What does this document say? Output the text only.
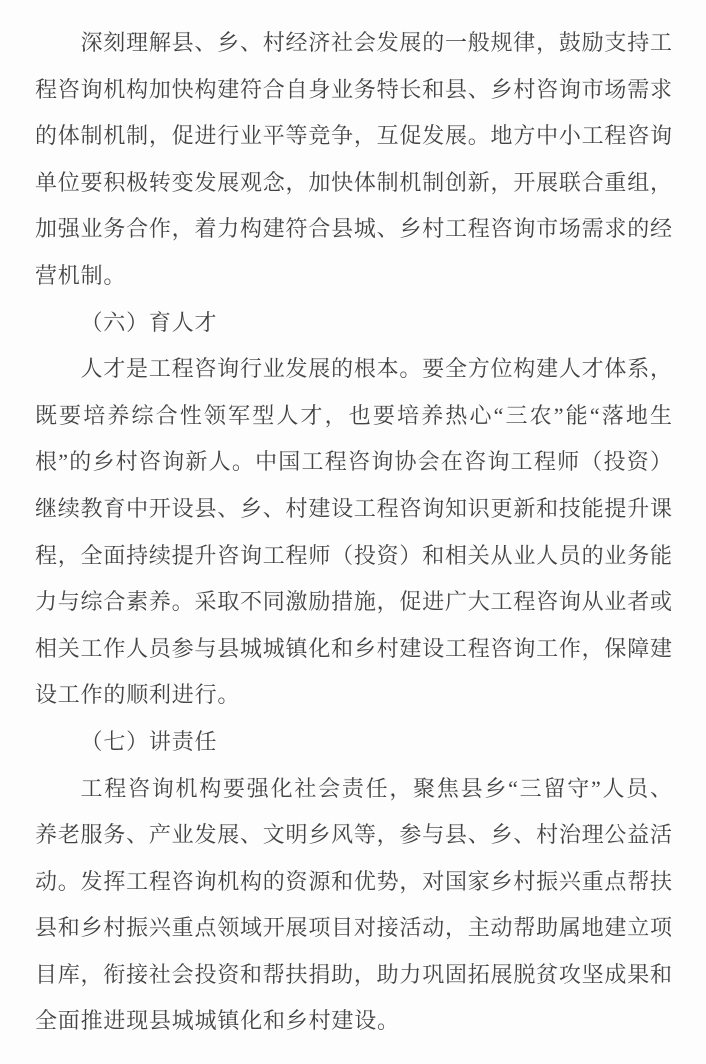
深刻理解县、乡、村经济社会发展的一般规律，鼓励支持工
程咨询机构加快构建符合自身业务特长和县、乡村咨询市场需求
的体制机制，促进行业平等竞争，互促发展。地方中小工程咨询
单位要积极转变发展观念，加快体制机制创新，开展联合重组，
加强业务合作，着力构建符合县城、乡村工程咨询市场需求的经
营机制。
（六）育人才
人才是工程咨询行业发展的根本。要全方位构建人才体系，
既要培养综合性领军型人才，也要培养热心“三农”能“落地生
根”的乡村咨询新人。中国工程咨询协会在咨询工程师（投资）
继续教育中开设县、乡、村建设工程咨询知识更新和技能提升课
程，全面持续提升咨询工程师（投资）和相关从业人员的业务能
力与综合素养。采取不同激励措施，促进广大工程咨询从业者或
相关工作人员参与县城城镇化和乡村建设工程咨询工作，保障建
设工作的顺利进行。
（七）讲责任
工程咨询机构要强化社会责任，聚焦县乡“三留守”人员、
养老服务、产业发展、文明乡风等，参与县、乡、村治理公益活
动。发挥工程咨询机构的资源和优势，对国家乡村振兴重点帮扶
县和乡村振兴重点领域开展项目对接活动，主动帮助属地建立项
目库，衔接社会投资和帮扶捐助，助力巩固拓展脱贫攻坚成果和
全面推进现县城城镇化和乡村建设。
